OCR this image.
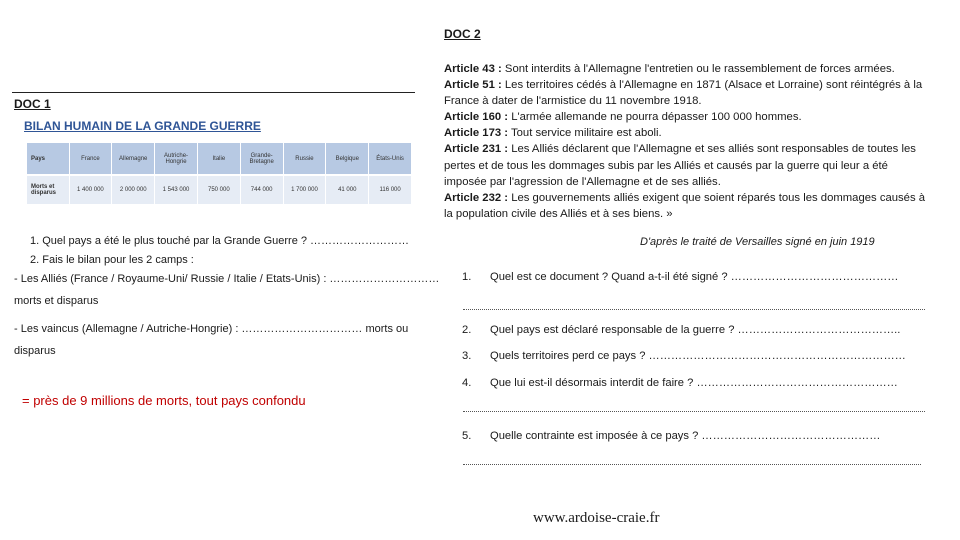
DOC 1
BILAN HUMAIN DE LA GRANDE GUERRE
Pays	France	Allemagne	Autriche-Hongrie	Italie	Grande-Bretagne	Russie	Belgique	États-Unis
Morts et disparus	1 400 000	2 000 000	1 543 000	750 000	744 000	1 700 000	41 000	116 000
1. Quel pays a été le plus touché par la Grande Guerre ? ………………………
2. Fais le bilan pour les 2 camps :
- Les Alliés (France / Royaume-Uni/ Russie / Italie / Etats-Unis) : …………………………
morts et disparus
- Les vaincus (Allemagne / Autriche-Hongrie) : …………………………… morts ou
disparus
= près de 9 millions de morts, tout pays confondu
DOC 2

Article 43 : Sont interdits à l'Allemagne l'entretien ou le rassemblement de forces armées.

Article 51 : Les territoires cédés à l'Allemagne en 1871 (Alsace et Lorraine) sont réintégrés à la France à dater de l'armistice du 11 novembre 1918.

Article 160 : L'armée allemande ne pourra dépasser 100 000 hommes.

Article 173 : Tout service militaire est aboli.

Article 231 : Les Alliés déclarent que l'Allemagne et ses alliés sont responsables de toutes les pertes et de tous les dommages subis par les Alliés et causés par la guerre qui leur a été imposée par l'agression de l'Allemagne et de ses alliés.

Article 232 : Les gouvernements alliés exigent que soient réparés tous les dommages causés à la population civile des Alliés et à ses biens. »

D'après le traité de Versailles signé en juin 1919
1.	Quel est ce document ? Quand a-t-il été signé ? ………………………………………
2.	Quel pays est déclaré responsable de la guerre ? ……………………………………..
3.	Quels territoires perd ce pays ? ……………………………………………………………
4.	Que lui est-il désormais interdit de faire ? ………………………………………………
5.	Quelle contrainte est imposée à ce pays ? …………………………………………
www.ardoise-craie.fr
